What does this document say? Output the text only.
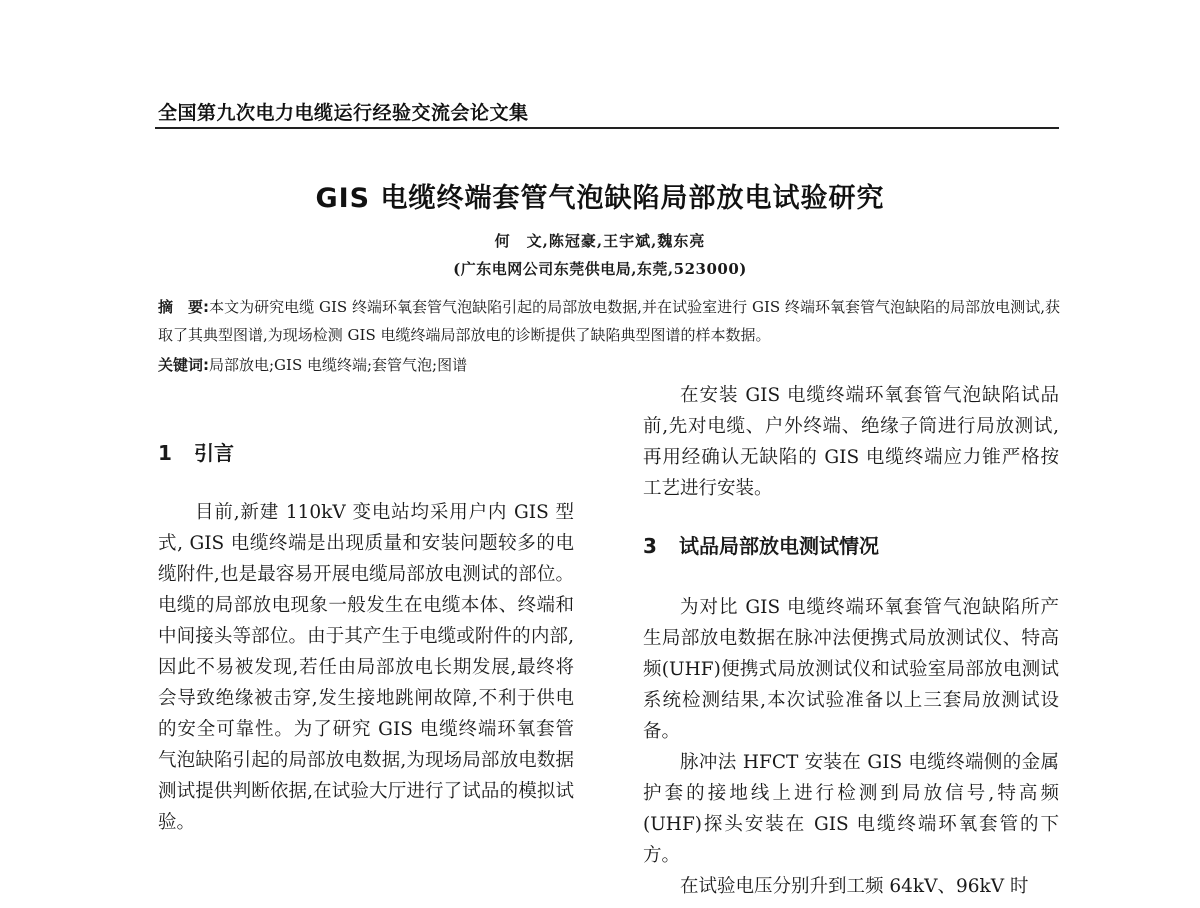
全国第九次电力电缆运行经验交流会论文集
GIS 电缆终端套管气泡缺陷局部放电试验研究
何　文,陈冠豪,王宇斌,魏东亮
(广东电网公司东莞供电局,东莞,523000)
摘　要:本文为研究电缆 GIS 终端环氧套管气泡缺陷引起的局部放电数据,并在试验室进行 GIS 终端环氧套管气泡缺陷的局部放电测试,获取了其典型图谱,为现场检测 GIS 电缆终端局部放电的诊断提供了缺陷典型图谱的样本数据。
关键词:局部放电;GIS 电缆终端;套管气泡;图谱
1 引言

目前,新建 110kV 变电站均采用户内 GIS 型式, GIS 电缆终端是出现质量和安装问题较多的电缆附件,也是最容易开展电缆局部放电测试的部位。电缆的局部放电现象一般发生在电缆本体、终端和中间接头等部位。由于其产生于电缆或附件的内部,因此不易被发现,若任由局部放电长期发展,最终将会导致绝缘被击穿,发生接地跳闸故障,不利于供电的安全可靠性。为了研究 GIS 电缆终端环氧套管气泡缺陷引起的局部放电数据,为现场局部放电数据测试提供判断依据,在试验大厅进行了试品的模拟试验。

在安装 GIS 电缆终端环氧套管气泡缺陷试品前,先对电缆、户外终端、绝缘子筒进行局放测试,再用经确认无缺陷的 GIS 电缆终端应力锥严格按工艺进行安装。

3 试品局部放电测试情况

为对比 GIS 电缆终端环氧套管气泡缺陷所产生局部放电数据在脉冲法便携式局放测试仪、特高频(UHF)便携式局放测试仪和试验室局部放电测试系统检测结果,本次试验准备以上三套局放测试设备。

脉冲法 HFCT 安装在 GIS 电缆终端侧的金属护套的接地线上进行检测到局放信号,特高频(UHF)探头安装在 GIS 电缆终端环氧套管的下方。

在试验电压分别升到工频 64kV、96kV 时
